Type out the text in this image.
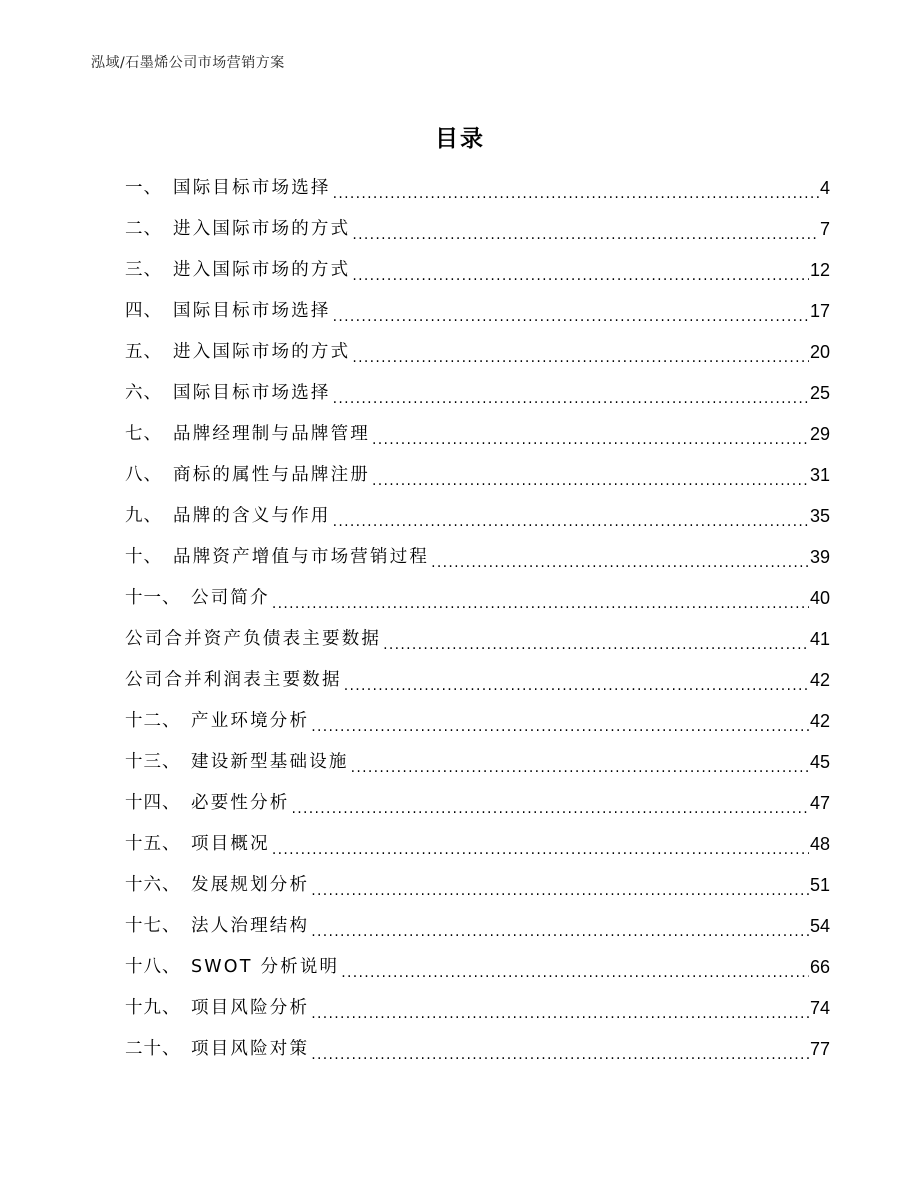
泓域/石墨烯公司市场营销方案
目录
一、 国际目标市场选择 .....	4
二、 进入国际市场的方式 .....	7
三、 进入国际市场的方式 .....	12
四、 国际目标市场选择 .....	17
五、 进入国际市场的方式 .....	20
六、 国际目标市场选择 .....	25
七、 品牌经理制与品牌管理 .....	29
八、 商标的属性与品牌注册 .....	31
九、 品牌的含义与作用 .....	35
十、 品牌资产增值与市场营销过程 .....	39
十一、 公司简介 .....	40
公司合并资产负债表主要数据 .....	41
公司合并利润表主要数据 .....	42
十二、 产业环境分析 .....	42
十三、 建设新型基础设施 .....	45
十四、 必要性分析 .....	47
十五、 项目概况 .....	48
十六、 发展规划分析 .....	51
十七、 法人治理结构 .....	54
十八、 SWOT 分析说明 .....	66
十九、 项目风险分析 .....	74
二十、 项目风险对策 .....	77
